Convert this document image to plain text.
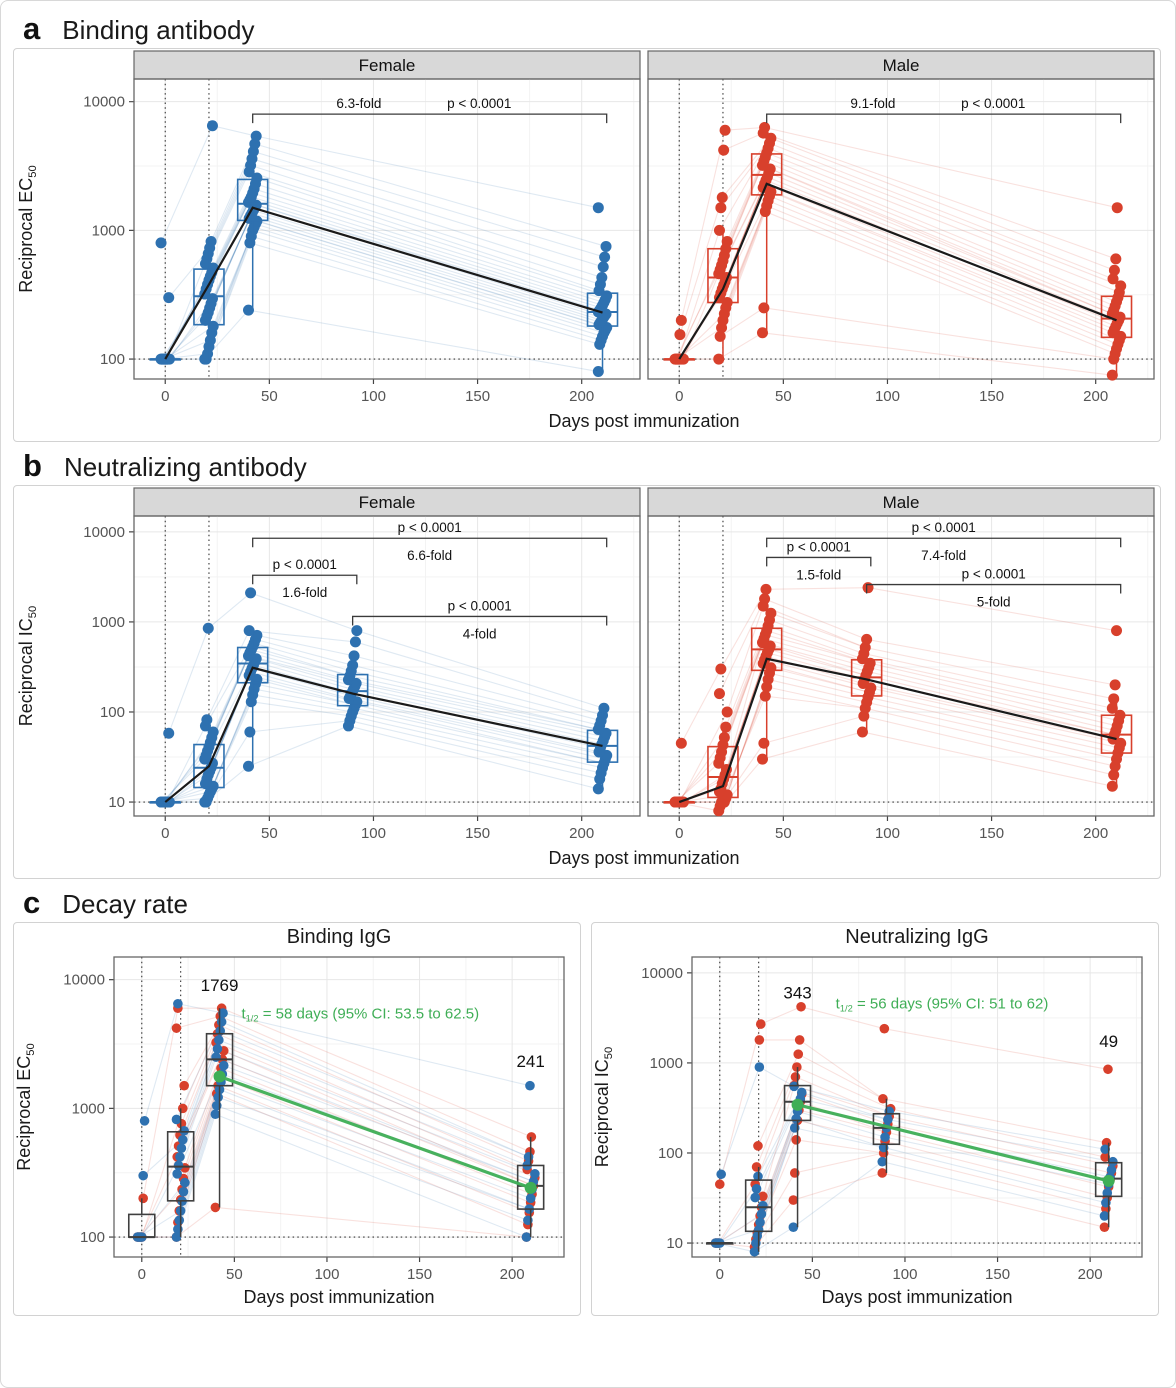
a Binding antibody
Female
0	50	100	150	200
100
1000
10000	6.3-fold	p < 0.0001
Male
0	50	100	150	200
9.1-fold	p < 0.0001
Reciprocal $EC_{50}$
Days post immunization
b Neutralizing antibody
Female
0	50	100	150	200
10
100
1000
10000	p < 0.0001
6.6-fold
p < 0.0001
1.6-fold
p < 0.0001
4-fold
Male
0	50	100	150	200
p < 0.0001
7.4-fold
p < 0.0001
1.5-fold	p < 0.0001
5-fold
Reciprocal $IC_{50}$
Days post immunization
c Decay rate
Binding IgG
0	50	100	150	200
100
1000
10000	1769
241
$t_{1/2} = 58$ days (95% CI: 53.5 to 62.5)
Reciprocal $EC_{50}$
Days post immunization
Neutralizing IgG
0	50	100	150	200
10
100
1000
10000
343
49
$t_{1/2} = 56$ days (95% CI: 51 to 62)
Reciprocal $IC_{50}$
Days post immunization
